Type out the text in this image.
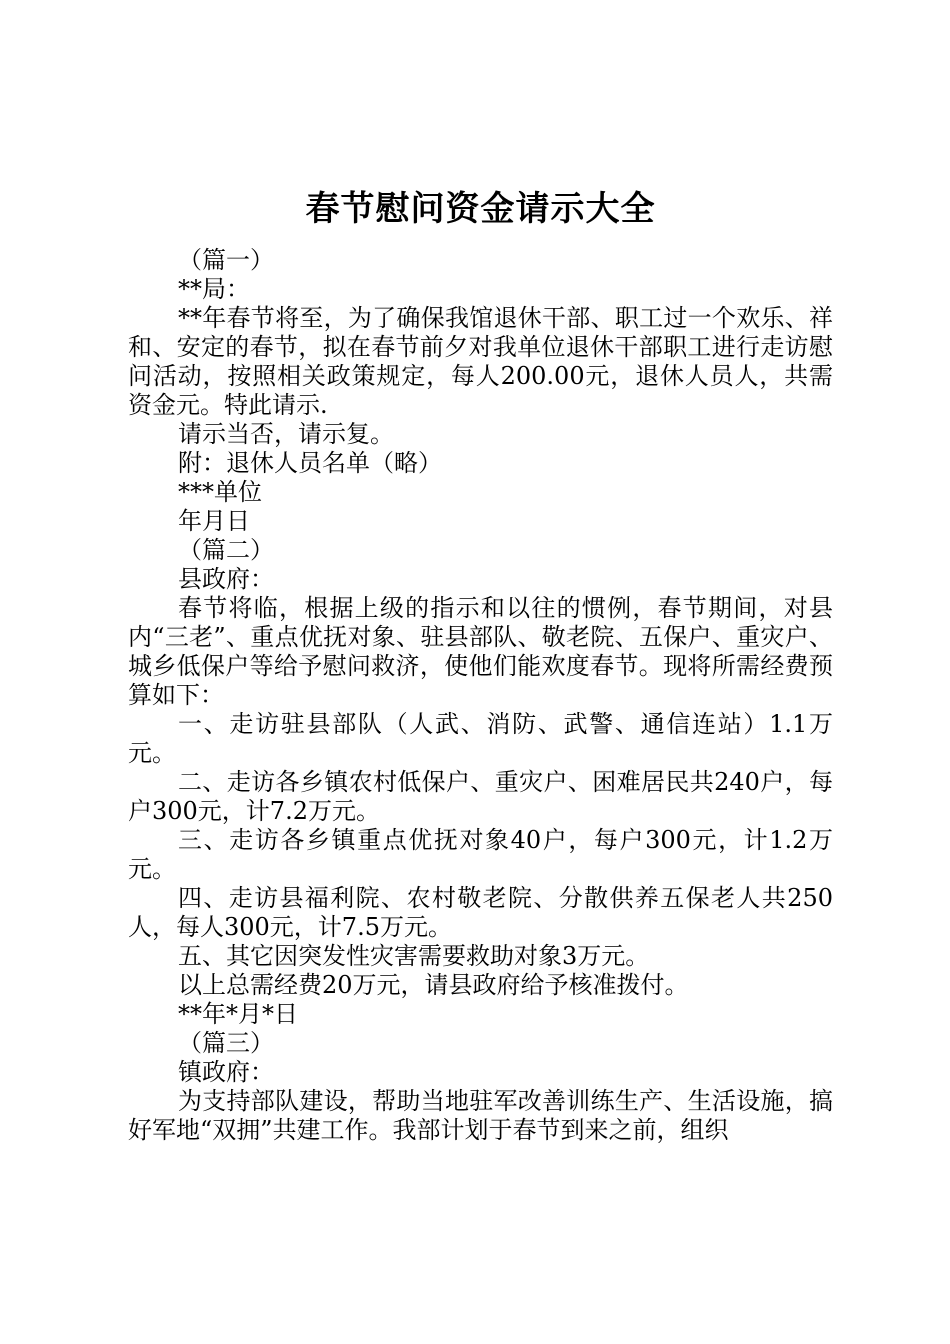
春节慰问资金请示大全

（篇一）

**局：

**年春节将至，为了确保我馆退休干部、职工过一个欢乐、祥和、安定的春节，拟在春节前夕对我单位退休干部职工进行走访慰问活动，按照相关政策规定，每人200.00元，退休人员人，共需资金元。特此请示.

请示当否，请示复。

附：退休人员名单（略）

***单位

年月日

（篇二）

县政府：

春节将临，根据上级的指示和以往的惯例，春节期间，对县内“三老”、重点优抚对象、驻县部队、敬老院、五保户、重灾户、城乡低保户等给予慰问救济，使他们能欢度春节。现将所需经费预算如下：

一、走访驻县部队（人武、消防、武警、通信连站）1.1万元。

二、走访各乡镇农村低保户、重灾户、困难居民共240户，每户300元，计7.2万元。

三、走访各乡镇重点优抚对象40户，每户300元，计1.2万元。

四、走访县福利院、农村敬老院、分散供养五保老人共250人，每人300元，计7.5万元。

五、其它因突发性灾害需要救助对象3万元。

以上总需经费20万元，请县政府给予核准拨付。

**年*月*日

（篇三）

镇政府：

为支持部队建设，帮助当地驻军改善训练生产、生活设施，搞好军地“双拥”共建工作。我部计划于春节到来之前，组织
